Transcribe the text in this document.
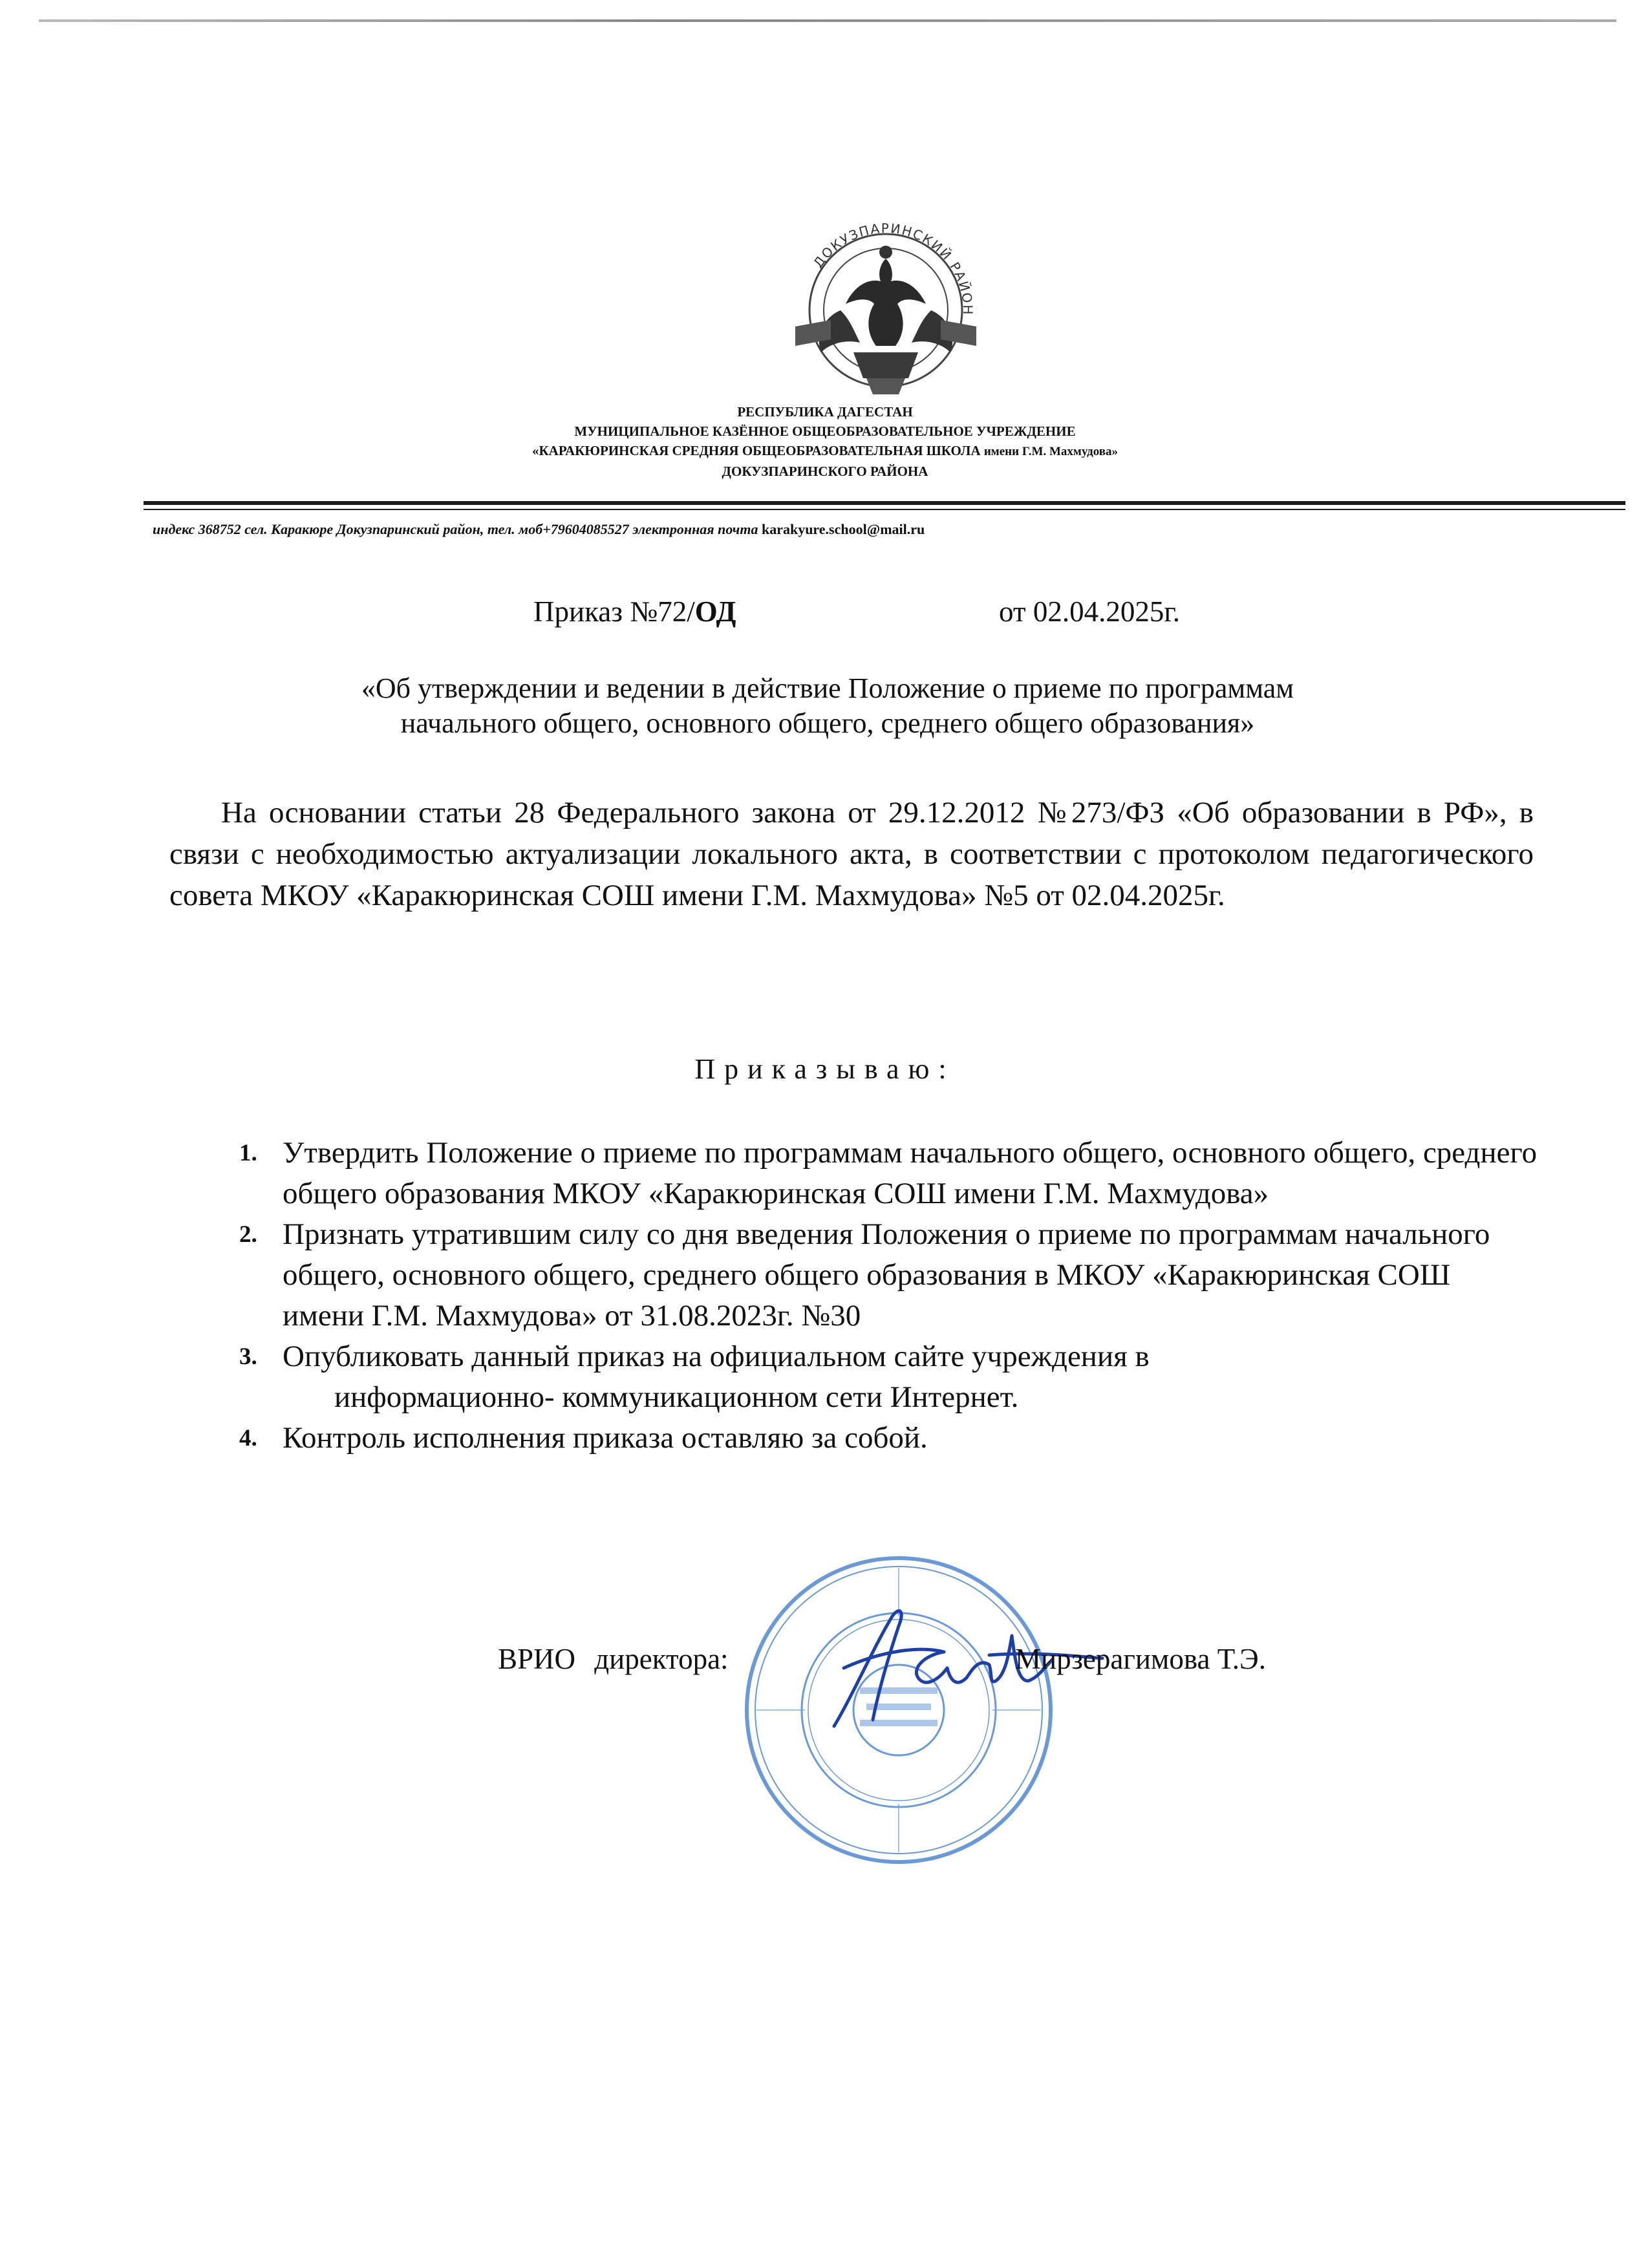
ДОКУЗПАРИНСКИЙ РАЙОН
РЕСПУБЛИКА ДАГЕСТАН
МУНИЦИПАЛЬНОЕ КАЗЁННОЕ ОБЩЕОБРАЗОВАТЕЛЬНОЕ УЧРЕЖДЕНИЕ
«КАРАКЮРИНСКАЯ СРЕДНЯЯ ОБЩЕОБРАЗОВАТЕЛЬНАЯ ШКОЛА имени Г.М. Махмудова»
ДОКУЗПАРИНСКОГО РАЙОНА
индекс 368752 сел. Каракюре Докузпаринский район, тел. моб+79604085527 электронная почта karakyure.school@mail.ru
Приказ №72/ОД	от 02.04.2025г.
«Об утверждении и ведении в действие Положение о приеме по программам
начального общего, основного общего, среднего общего образования»
На основании статьи 28 Федерального закона от 29.12.2012 №273/ФЗ «Об образовании в РФ», в связи с необходимостью актуализации локального акта, в соответствии с протоколом педагогического совета МКОУ «Каракюринская СОШ имени Г.М. Махмудова» №5 от 02.04.2025г.
Приказываю:
1. Утвердить Положение о приеме по программам начального общего, основного общего, среднего общего образования МКОУ «Каракюринская СОШ имени Г.М. Махмудова»
2. Признать утратившим силу со дня введения Положения о приеме по программам начального общего, основного общего, среднего общего образования в МКОУ «Каракюринская СОШ имени Г.М. Махмудова» от 31.08.2023г. №30
3. Опубликовать данный приказ на официальном сайте учреждения в
информационно- коммуникационном сети Интернет.
4. Контроль исполнения приказа оставляю за собой.
ВРИО директора:	Мирзерагимова Т.Э.
